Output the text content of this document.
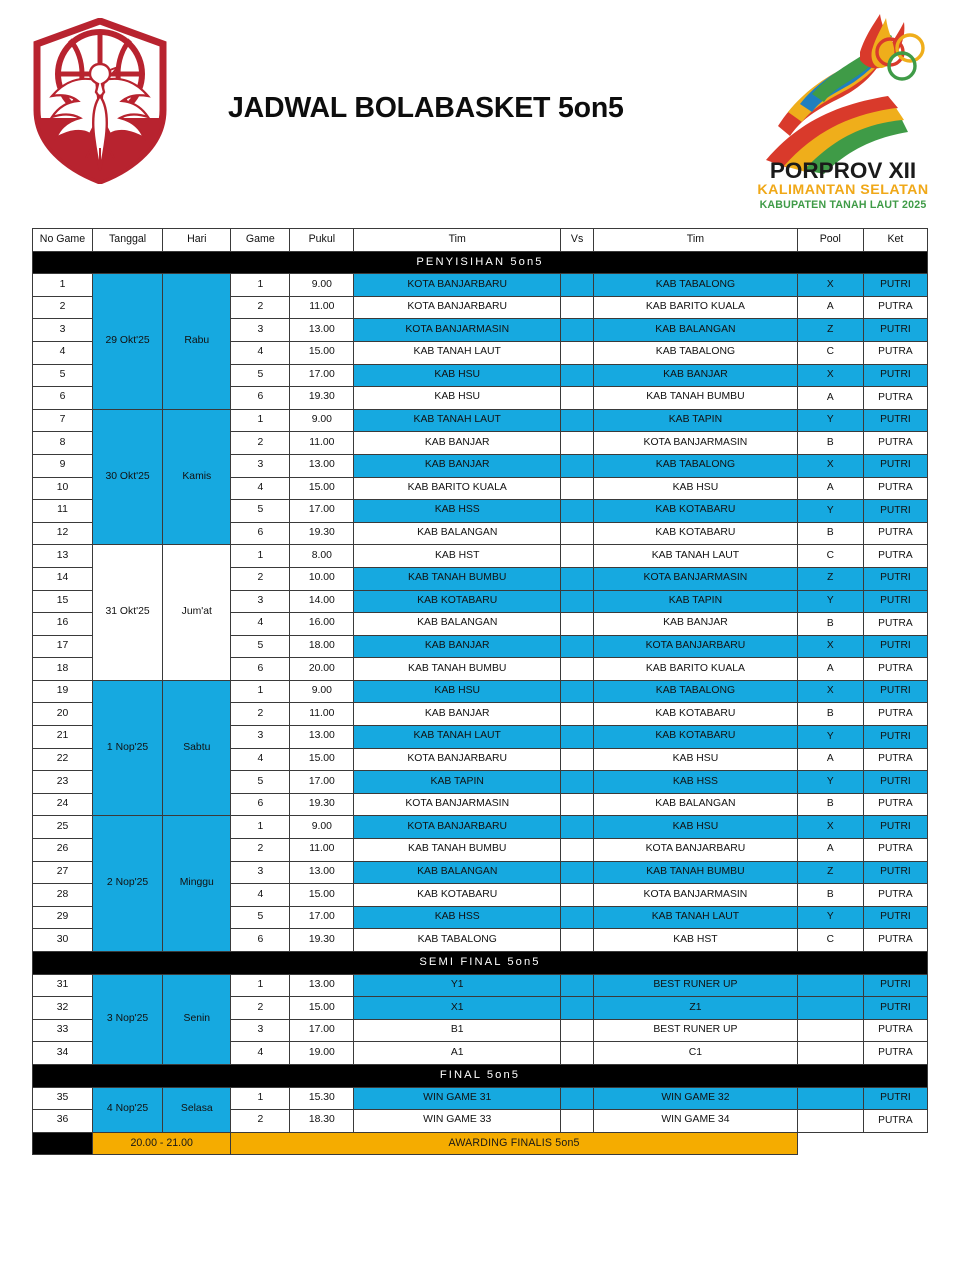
JADWAL BOLABASKET 5on5
PORPROV XII
KALIMANTAN SELATAN
KABUPATEN TANAH LAUT 2025
No Game	Tanggal	Hari	Game	Pukul	Tim	Vs	Tim	Pool	Ket
PENYISIHAN 5on5									
1	29 Okt'25	Rabu	1	9.00	KOTA BANJARBARU		KAB TABALONG	X	PUTRI
2			2	11.00	KOTA BANJARBARU		KAB BARITO KUALA	A	PUTRA
3			3	13.00	KOTA BANJARMASIN		KAB BALANGAN	Z	PUTRI
4			4	15.00	KAB TANAH LAUT		KAB TABALONG	C	PUTRA
5			5	17.00	KAB HSU		KAB BANJAR	X	PUTRI
6			6	19.30	KAB HSU		KAB TANAH BUMBU	A	PUTRA
7	30 Okt'25	Kamis	1	9.00	KAB TANAH LAUT		KAB TAPIN	Y	PUTRI
8			2	11.00	KAB BANJAR		KOTA BANJARMASIN	B	PUTRA
9			3	13.00	KAB BANJAR		KAB TABALONG	X	PUTRI
10			4	15.00	KAB BARITO KUALA		KAB HSU	A	PUTRA
11			5	17.00	KAB HSS		KAB KOTABARU	Y	PUTRI
12			6	19.30	KAB BALANGAN		KAB KOTABARU	B	PUTRA
13	31 Okt'25	Jum'at	1	8.00	KAB HST		KAB TANAH LAUT	C	PUTRA
14			2	10.00	KAB TANAH BUMBU		KOTA BANJARMASIN	Z	PUTRI
15			3	14.00	KAB KOTABARU		KAB TAPIN	Y	PUTRI
16			4	16.00	KAB BALANGAN		KAB BANJAR	B	PUTRA
17			5	18.00	KAB BANJAR		KOTA BANJARBARU	X	PUTRI
18			6	20.00	KAB TANAH BUMBU		KAB BARITO KUALA	A	PUTRA
19	1 Nop'25	Sabtu	1	9.00	KAB HSU		KAB TABALONG	X	PUTRI
20			2	11.00	KAB BANJAR		KAB KOTABARU	B	PUTRA
21			3	13.00	KAB TANAH LAUT		KAB KOTABARU	Y	PUTRI
22			4	15.00	KOTA BANJARBARU		KAB HSU	A	PUTRA
23			5	17.00	KAB TAPIN		KAB HSS	Y	PUTRI
24			6	19.30	KOTA BANJARMASIN		KAB BALANGAN	B	PUTRA
25	2 Nop'25	Minggu	1	9.00	KOTA BANJARBARU		KAB HSU	X	PUTRI
26			2	11.00	KAB TANAH BUMBU		KOTA BANJARBARU	A	PUTRA
27			3	13.00	KAB BALANGAN		KAB TANAH BUMBU	Z	PUTRI
28			4	15.00	KAB KOTABARU		KOTA BANJARMASIN	B	PUTRA
29			5	17.00	KAB HSS		KAB TANAH LAUT	Y	PUTRI
30			6	19.30	KAB TABALONG		KAB HST	C	PUTRA
SEMI FINAL 5on5									
31	3 Nop'25	Senin	1	13.00	Y1		BEST RUNER UP		PUTRI
32			2	15.00	X1		Z1		PUTRI
33			3	17.00	B1		BEST RUNER UP		PUTRA
34			4	19.00	A1		C1		PUTRA
FINAL 5on5									
35	4 Nop'25	Selasa	1	15.30	WIN GAME 31		WIN GAME 32		PUTRI
36			2	18.30	WIN GAME 33		WIN GAME 34		PUTRA
	20.00 - 21.00		AWARDING FINALIS 5on5						
